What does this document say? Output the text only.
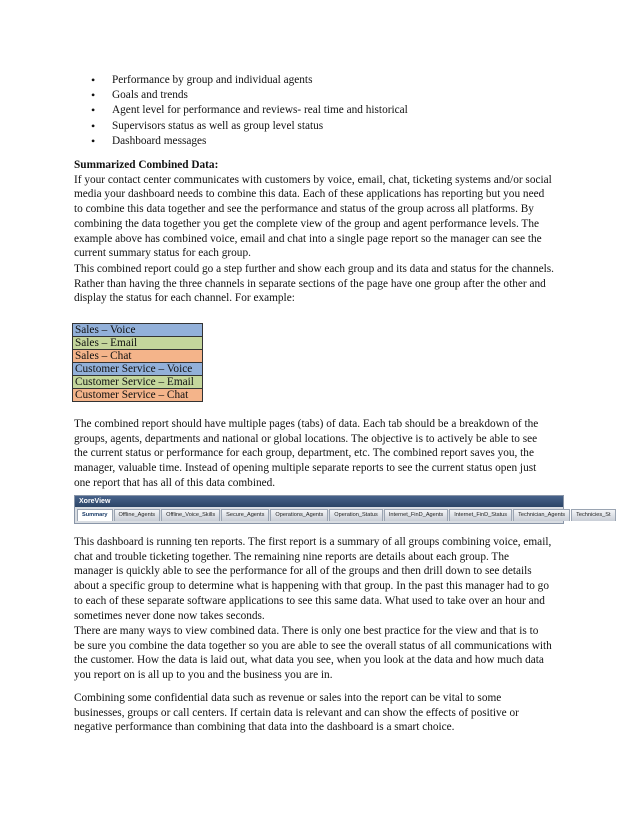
• Performance by group and individual agents
• Goals and trends
• Agent level for performance and reviews- real time and historical
• Supervisors status as well as group level status
• Dashboard messages

Summarized Combined Data:

If your contact center communicates with customers by voice, email, chat, ticketing systems and/or social

media your dashboard needs to combine this data. Each of these applications has reporting but you need

to combine this data together and see the performance and status of the group across all platforms. By

combining the data together you get the complete view of the group and agent performance levels. The

example above has combined voice, email and chat into a single page report so the manager can see the

current summary status for each group.

This combined report could go a step further and show each group and its data and status for the channels.

Rather than having the three channels in separate sections of the page have one group after the other and

display the status for each channel. For example:

Sales – Voice
Sales – Email
Sales – Chat
Customer Service – Voice
Customer Service – Email
Customer Service – Chat

The combined report should have multiple pages (tabs) of data. Each tab should be a breakdown of the

groups, agents, departments and national or global locations. The objective is to actively be able to see

the current status or performance for each group, department, etc. The combined report saves you, the

manager, valuable time. Instead of opening multiple separate reports to see the current status open just

one report that has all of this data combined.

XoreView
Summary	Offline_Agents	Offline_Voice_Skills	Secure_Agents	Operations_Agents	Operation_Status	Internet_FinD_Agents	Internet_FinD_Status	Technician_Agents	Technicies_St

This dashboard is running ten reports. The first report is a summary of all groups combining voice, email,

chat and trouble ticketing together. The remaining nine reports are details about each group. The

manager is quickly able to see the performance for all of the groups and then drill down to see details

about a specific group to determine what is happening with that group. In the past this manager had to go

to each of these separate software applications to see this same data. What used to take over an hour and

sometimes never done now takes seconds.

There are many ways to view combined data. There is only one best practice for the view and that is to

be sure you combine the data together so you are able to see the overall status of all communications with

the customer. How the data is laid out, what data you see, when you look at the data and how much data

you report on is all up to you and the business you are in.

Combining some confidential data such as revenue or sales into the report can be vital to some

businesses, groups or call centers. If certain data is relevant and can show the effects of positive or

negative performance than combining that data into the dashboard is a smart choice.
